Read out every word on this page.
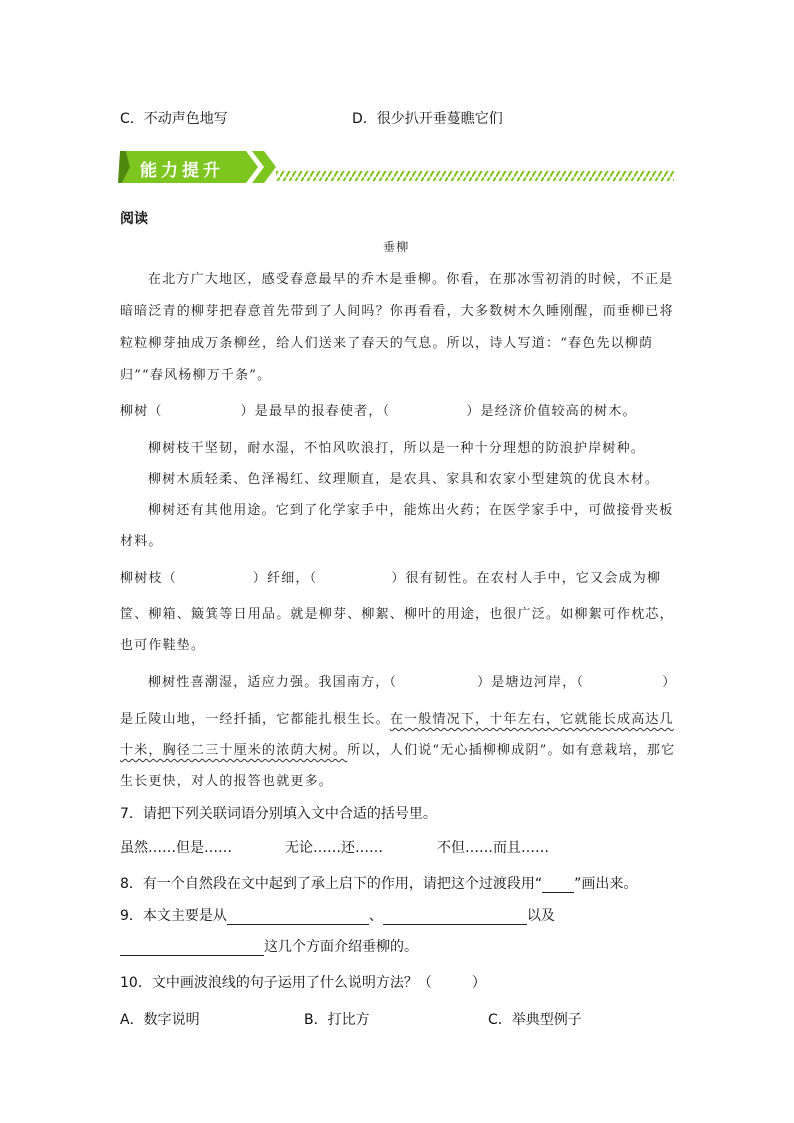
C．不动声色地写	D．很少扒开垂蔓瞧它们
能力提升
阅读
垂柳
在北方广大地区，感受春意最早的乔木是垂柳。你看，在那冰雪初消的时候，不正是
暗暗泛青的柳芽把春意首先带到了人间吗？你再看看，大多数树木久睡刚醒，而垂柳已将
粒粒柳芽抽成万条柳丝，给人们送来了春天的气息。所以，诗人写道：“春色先以柳荫
归”“春风杨柳万千条”。
柳树（	）是最早的报春使者，（	）是经济价值较高的树木。
柳树枝干坚韧，耐水湿，不怕风吹浪打，所以是一种十分理想的防浪护岸树种。
柳树木质轻柔、色泽褐红、纹理顺直，是农具、家具和农家小型建筑的优良木材。
柳树还有其他用途。它到了化学家手中，能炼出火药；在医学家手中，可做接骨夹板
材料。
柳树枝（	）纤细，（	）很有韧性。在农村人手中，它又会成为柳
筐、柳箱、簸箕等日用品。就是柳芽、柳絮、柳叶的用途，也很广泛。如柳絮可作枕芯，
也可作鞋垫。
柳树性喜潮湿，适应力强。我国南方，（	）是塘边河岸，（	）
是丘陵山地，一经扦插，它都能扎根生长。在一般情况下，十年左右，它就能长成高达几
十米，胸径二三十厘米的浓荫大树。所以，人们说“无心插柳柳成阴”。如有意栽培，那它
生长更快，对人的报答也就更多。
7．请把下列关联词语分别填入文中合适的括号里。
虽然……但是……	无论……还……	不但……而且……
8．有一个自然段在文中起到了承上启下的作用，请把这个过渡段用“ ”画出来。
9．本文主要是从	、	以及
这几个方面介绍垂柳的。
10．文中画波浪线的句子运用了什么说明方法？（	）
A．数字说明	B．打比方	C．举典型例子
